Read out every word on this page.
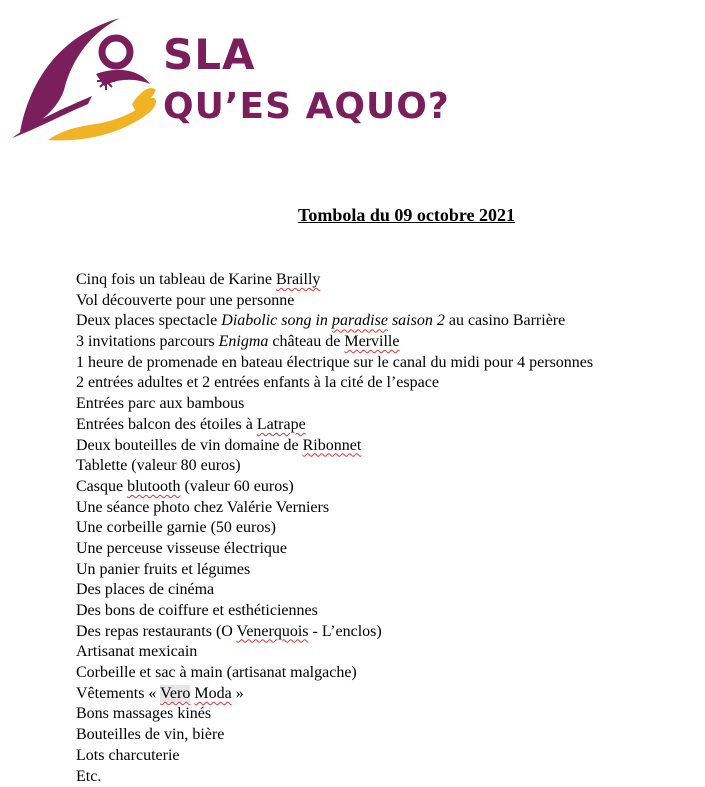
SLA
QU’ES AQUO?
Tombola du 09 octobre 2021
Cinq fois un tableau de Karine Brailly
Vol découverte pour une personne
Deux places spectacle Diabolic song in paradise saison 2 au casino Barrière
3 invitations parcours Enigma château de Merville
1 heure de promenade en bateau électrique sur le canal du midi pour 4 personnes
2 entrées adultes et 2 entrées enfants à la cité de l’espace
Entrées parc aux bambous
Entrées balcon des étoiles à Latrape
Deux bouteilles de vin domaine de Ribonnet
Tablette (valeur 80 euros)
Casque blutooth (valeur 60 euros)
Une séance photo chez Valérie Verniers
Une corbeille garnie (50 euros)
Une perceuse visseuse électrique
Un panier fruits et légumes
Des places de cinéma
Des bons de coiffure et esthéticiennes
Des repas restaurants (O Venerquois - L’enclos)
Artisanat mexicain
Corbeille et sac à main (artisanat malgache)
Vêtements « Vero Moda »
Bons massages kinés
Bouteilles de vin, bière
Lots charcuterie
Etc.
